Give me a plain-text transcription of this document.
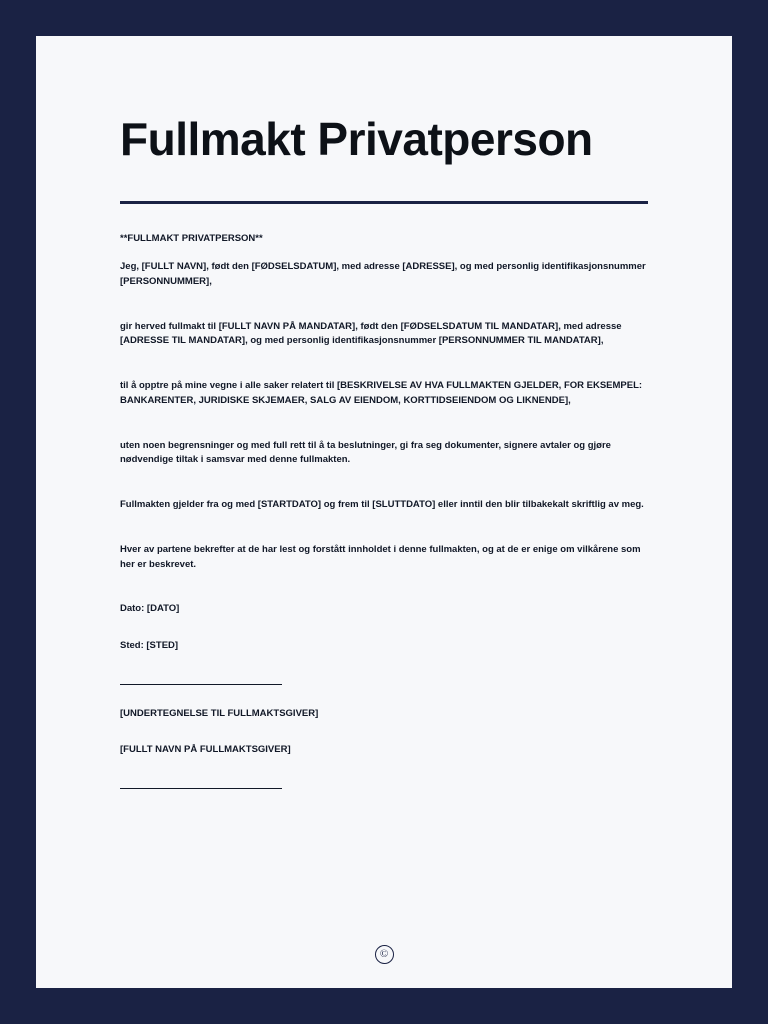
Fullmakt Privatperson

**FULLMAKT PRIVATPERSON**

Jeg, [FULLT NAVN], født den [FØDSELSDATUM], med adresse [ADRESSE], og med personlig identifikasjonsnummer [PERSONNUMMER],

gir herved fullmakt til [FULLT NAVN PÅ MANDATAR], født den [FØDSELSDATUM TIL MANDATAR], med adresse [ADRESSE TIL MANDATAR], og med personlig identifikasjonsnummer [PERSONNUMMER TIL MANDATAR],

til å opptre på mine vegne i alle saker relatert til [BESKRIVELSE AV HVA FULLMAKTEN GJELDER, FOR EKSEMPEL: BANKARENTER, JURIDISKE SKJEMAER, SALG AV EIENDOM, KORTTIDSEIENDOM OG LIKNENDE],

uten noen begrensninger og med full rett til å ta beslutninger, gi fra seg dokumenter, signere avtaler og gjøre nødvendige tiltak i samsvar med denne fullmakten.

Fullmakten gjelder fra og med [STARTDATO] og frem til [SLUTTDATO] eller inntil den blir tilbakekalt skriftlig av meg.

Hver av partene bekrefter at de har lest og forstått innholdet i denne fullmakten, og at de er enige om vilkårene som her er beskrevet.

Dato: [DATO]

Sted: [STED]

[UNDERTEGNELSE TIL FULLMAKTSGIVER]

[FULLT NAVN PÅ FULLMAKTSGIVER]

©
